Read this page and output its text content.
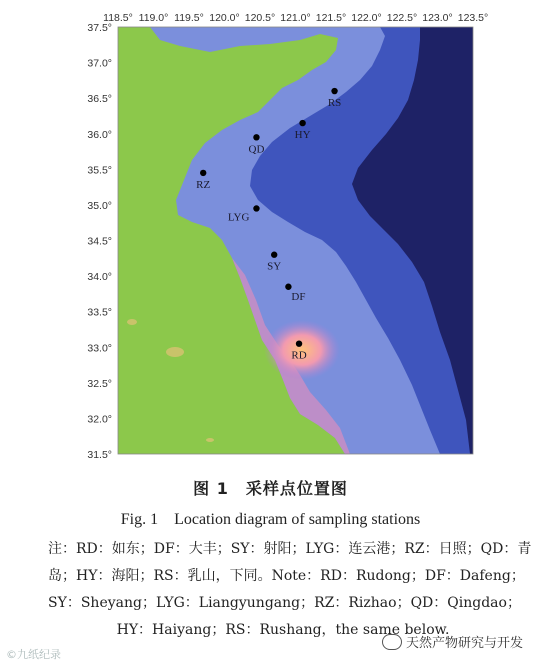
118.5° 119.0° 119.5° 120.0° 120.5° 121.0° 121.5° 122.0° 122.5° 123.0° 123.5°
37.5°
37.0°
36.5°
36.0°
35.5°
35.0°
34.5°
34.0°
33.5°
33.0°
32.5°
32.0°
31.5°
RS
HY
QD
RZ
LYG
SY
DF
RD
图 1　采样点位置图
Fig. 1　Location diagram of sampling stations
注：RD：如东；DF：大丰；SY：射阳；LYG：连云港；RZ：日照；QD：青
岛；HY：海阳；RS：乳山，下同。Note：RD：Rudong；DF：Dafeng；
SY：Sheyang；LYG：Liangyungang；RZ：Rizhao；QD：Qingdao；
HY：Haiyang；RS：Rushang，the same below.
©九纸纪录
天然产物研究与开发
